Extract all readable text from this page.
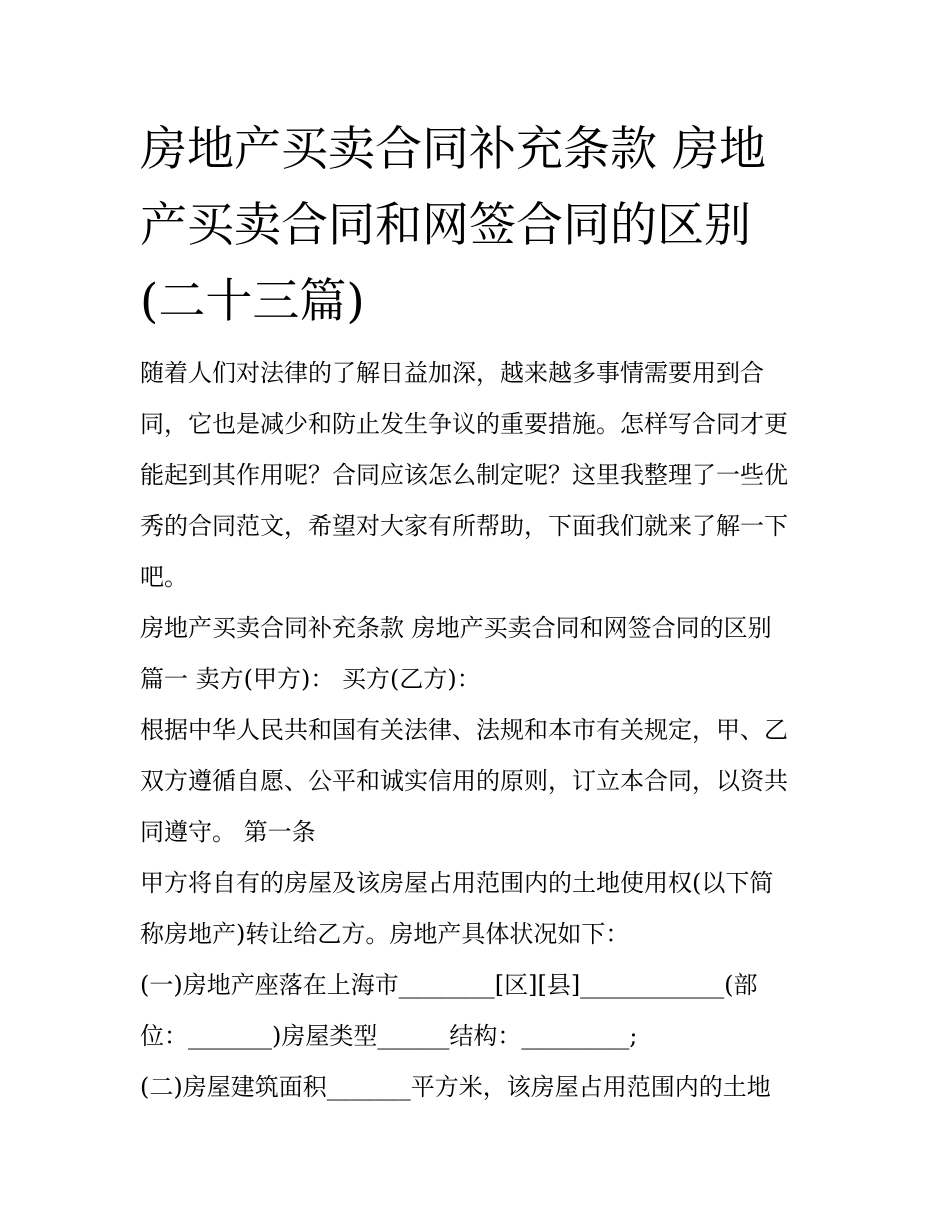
房地产买卖合同补充条款 房地
产买卖合同和网签合同的区别
(二十三篇)

随着人们对法律的了解日益加深，越来越多事情需要用到合
同，它也是减少和防止发生争议的重要措施。怎样写合同才更
能起到其作用呢？合同应该怎么制定呢？这里我整理了一些优
秀的合同范文，希望对大家有所帮助，下面我们就来了解一下
吧。

房地产买卖合同补充条款 房地产买卖合同和网签合同的区别
篇一 卖方(甲方)： 买方(乙方)：
根据中华人民共和国有关法律、法规和本市有关规定，甲、乙
双方遵循自愿、公平和诚实信用的原则，订立本合同，以资共
同遵守。 第一条
甲方将自有的房屋及该房屋占用范围内的土地使用权(以下简
称房地产)转让给乙方。房地产具体状况如下：
(一)房地产座落在上海市________[区][县]____________(部
位：_______)房屋类型______结构：_________;
(二)房屋建筑面积_______平方米，该房屋占用范围内的土地
